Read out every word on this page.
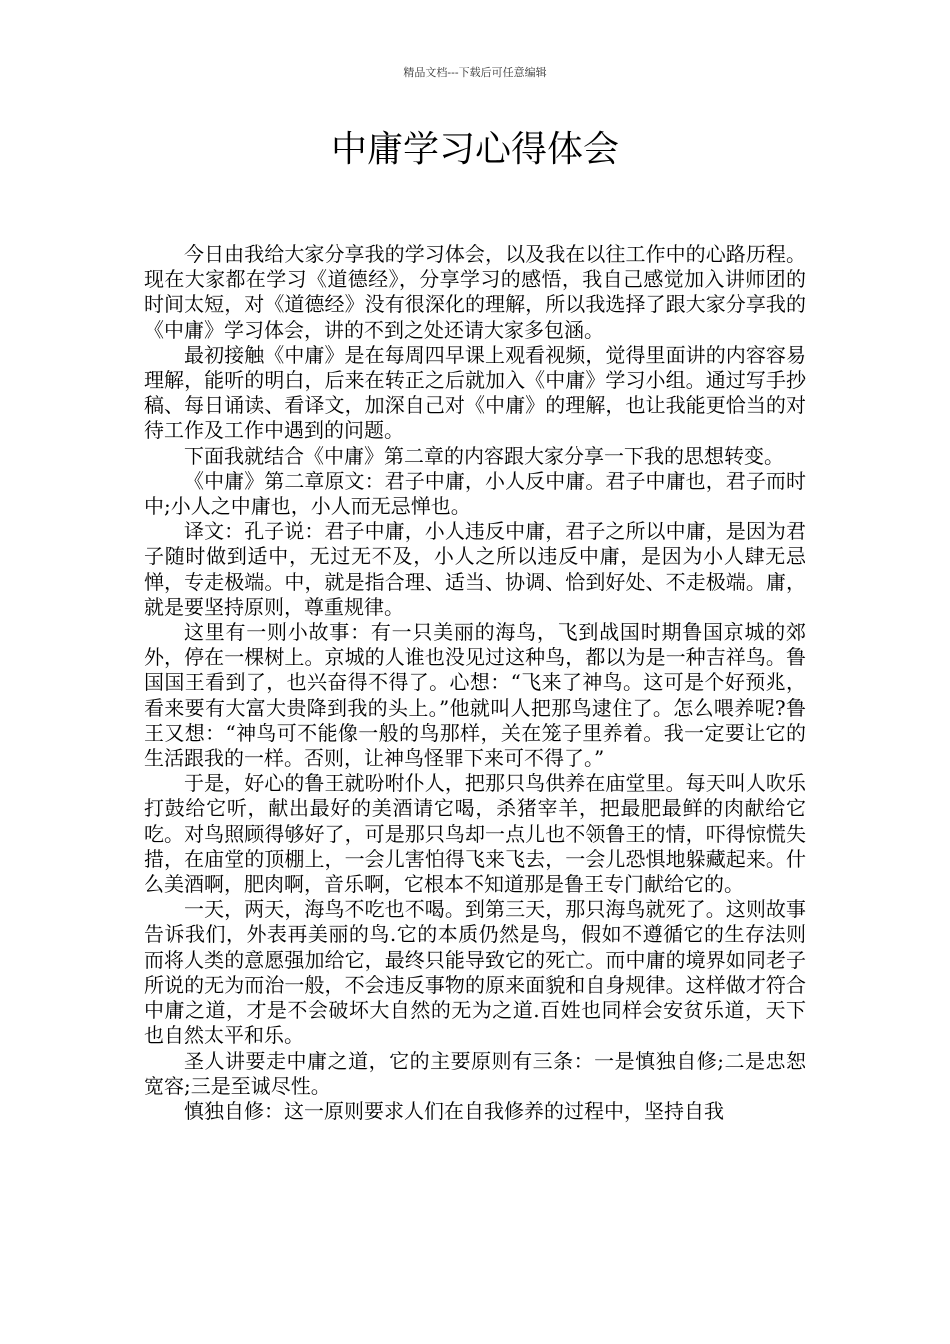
精品文档---下载后可任意编辑
中庸学习心得体会

今日由我给大家分享我的学习体会，以及我在以往工作中的心路历程。现在大家都在学习《道德经》，分享学习的感悟，我自己感觉加入讲师团的时间太短，对《道德经》没有很深化的理解，所以我选择了跟大家分享我的《中庸》学习体会，讲的不到之处还请大家多包涵。

最初接触《中庸》是在每周四早课上观看视频，觉得里面讲的内容容易理解，能听的明白，后来在转正之后就加入《中庸》学习小组。通过写手抄稿、每日诵读、看译文，加深自己对《中庸》的理解，也让我能更恰当的对待工作及工作中遇到的问题。

下面我就结合《中庸》第二章的内容跟大家分享一下我的思想转变。

《中庸》第二章原文：君子中庸，小人反中庸。君子中庸也，君子而时中;小人之中庸也，小人而无忌惮也。

译文：孔子说：君子中庸，小人违反中庸，君子之所以中庸，是因为君子随时做到适中，无过无不及，小人之所以违反中庸，是因为小人肆无忌惮，专走极端。中，就是指合理、适当、协调、恰到好处、不走极端。庸，就是要坚持原则，尊重规律。

这里有一则小故事：有一只美丽的海鸟，飞到战国时期鲁国京城的郊外，停在一棵树上。京城的人谁也没见过这种鸟，都以为是一种吉祥鸟。鲁国国王看到了，也兴奋得不得了。心想：“飞来了神鸟。这可是个好预兆，看来要有大富大贵降到我的头上。”他就叫人把那鸟逮住了。怎么喂养呢?鲁王又想：“神鸟可不能像一般的鸟那样，关在笼子里养着。我一定要让它的生活跟我的一样。否则，让神鸟怪罪下来可不得了。”

于是，好心的鲁王就吩咐仆人，把那只鸟供养在庙堂里。每天叫人吹乐打鼓给它听，献出最好的美酒请它喝，杀猪宰羊，把最肥最鲜的肉献给它吃。对鸟照顾得够好了，可是那只鸟却一点儿也不领鲁王的情，吓得惊慌失措，在庙堂的顶棚上，一会儿害怕得飞来飞去，一会儿恐惧地躲藏起来。什么美酒啊，肥肉啊，音乐啊，它根本不知道那是鲁王专门献给它的。

一天，两天，海鸟不吃也不喝。到第三天，那只海鸟就死了。这则故事告诉我们，外表再美丽的鸟.它的本质仍然是鸟，假如不遵循它的生存法则而将人类的意愿强加给它，最终只能导致它的死亡。而中庸的境界如同老子所说的无为而治一般，不会违反事物的原来面貌和自身规律。这样做才符合中庸之道，才是不会破坏大自然的无为之道.百姓也同样会安贫乐道，天下也自然太平和乐。

圣人讲要走中庸之道，它的主要原则有三条：一是慎独自修;二是忠恕宽容;三是至诚尽性。

慎独自修：这一原则要求人们在自我修养的过程中，坚持自我
